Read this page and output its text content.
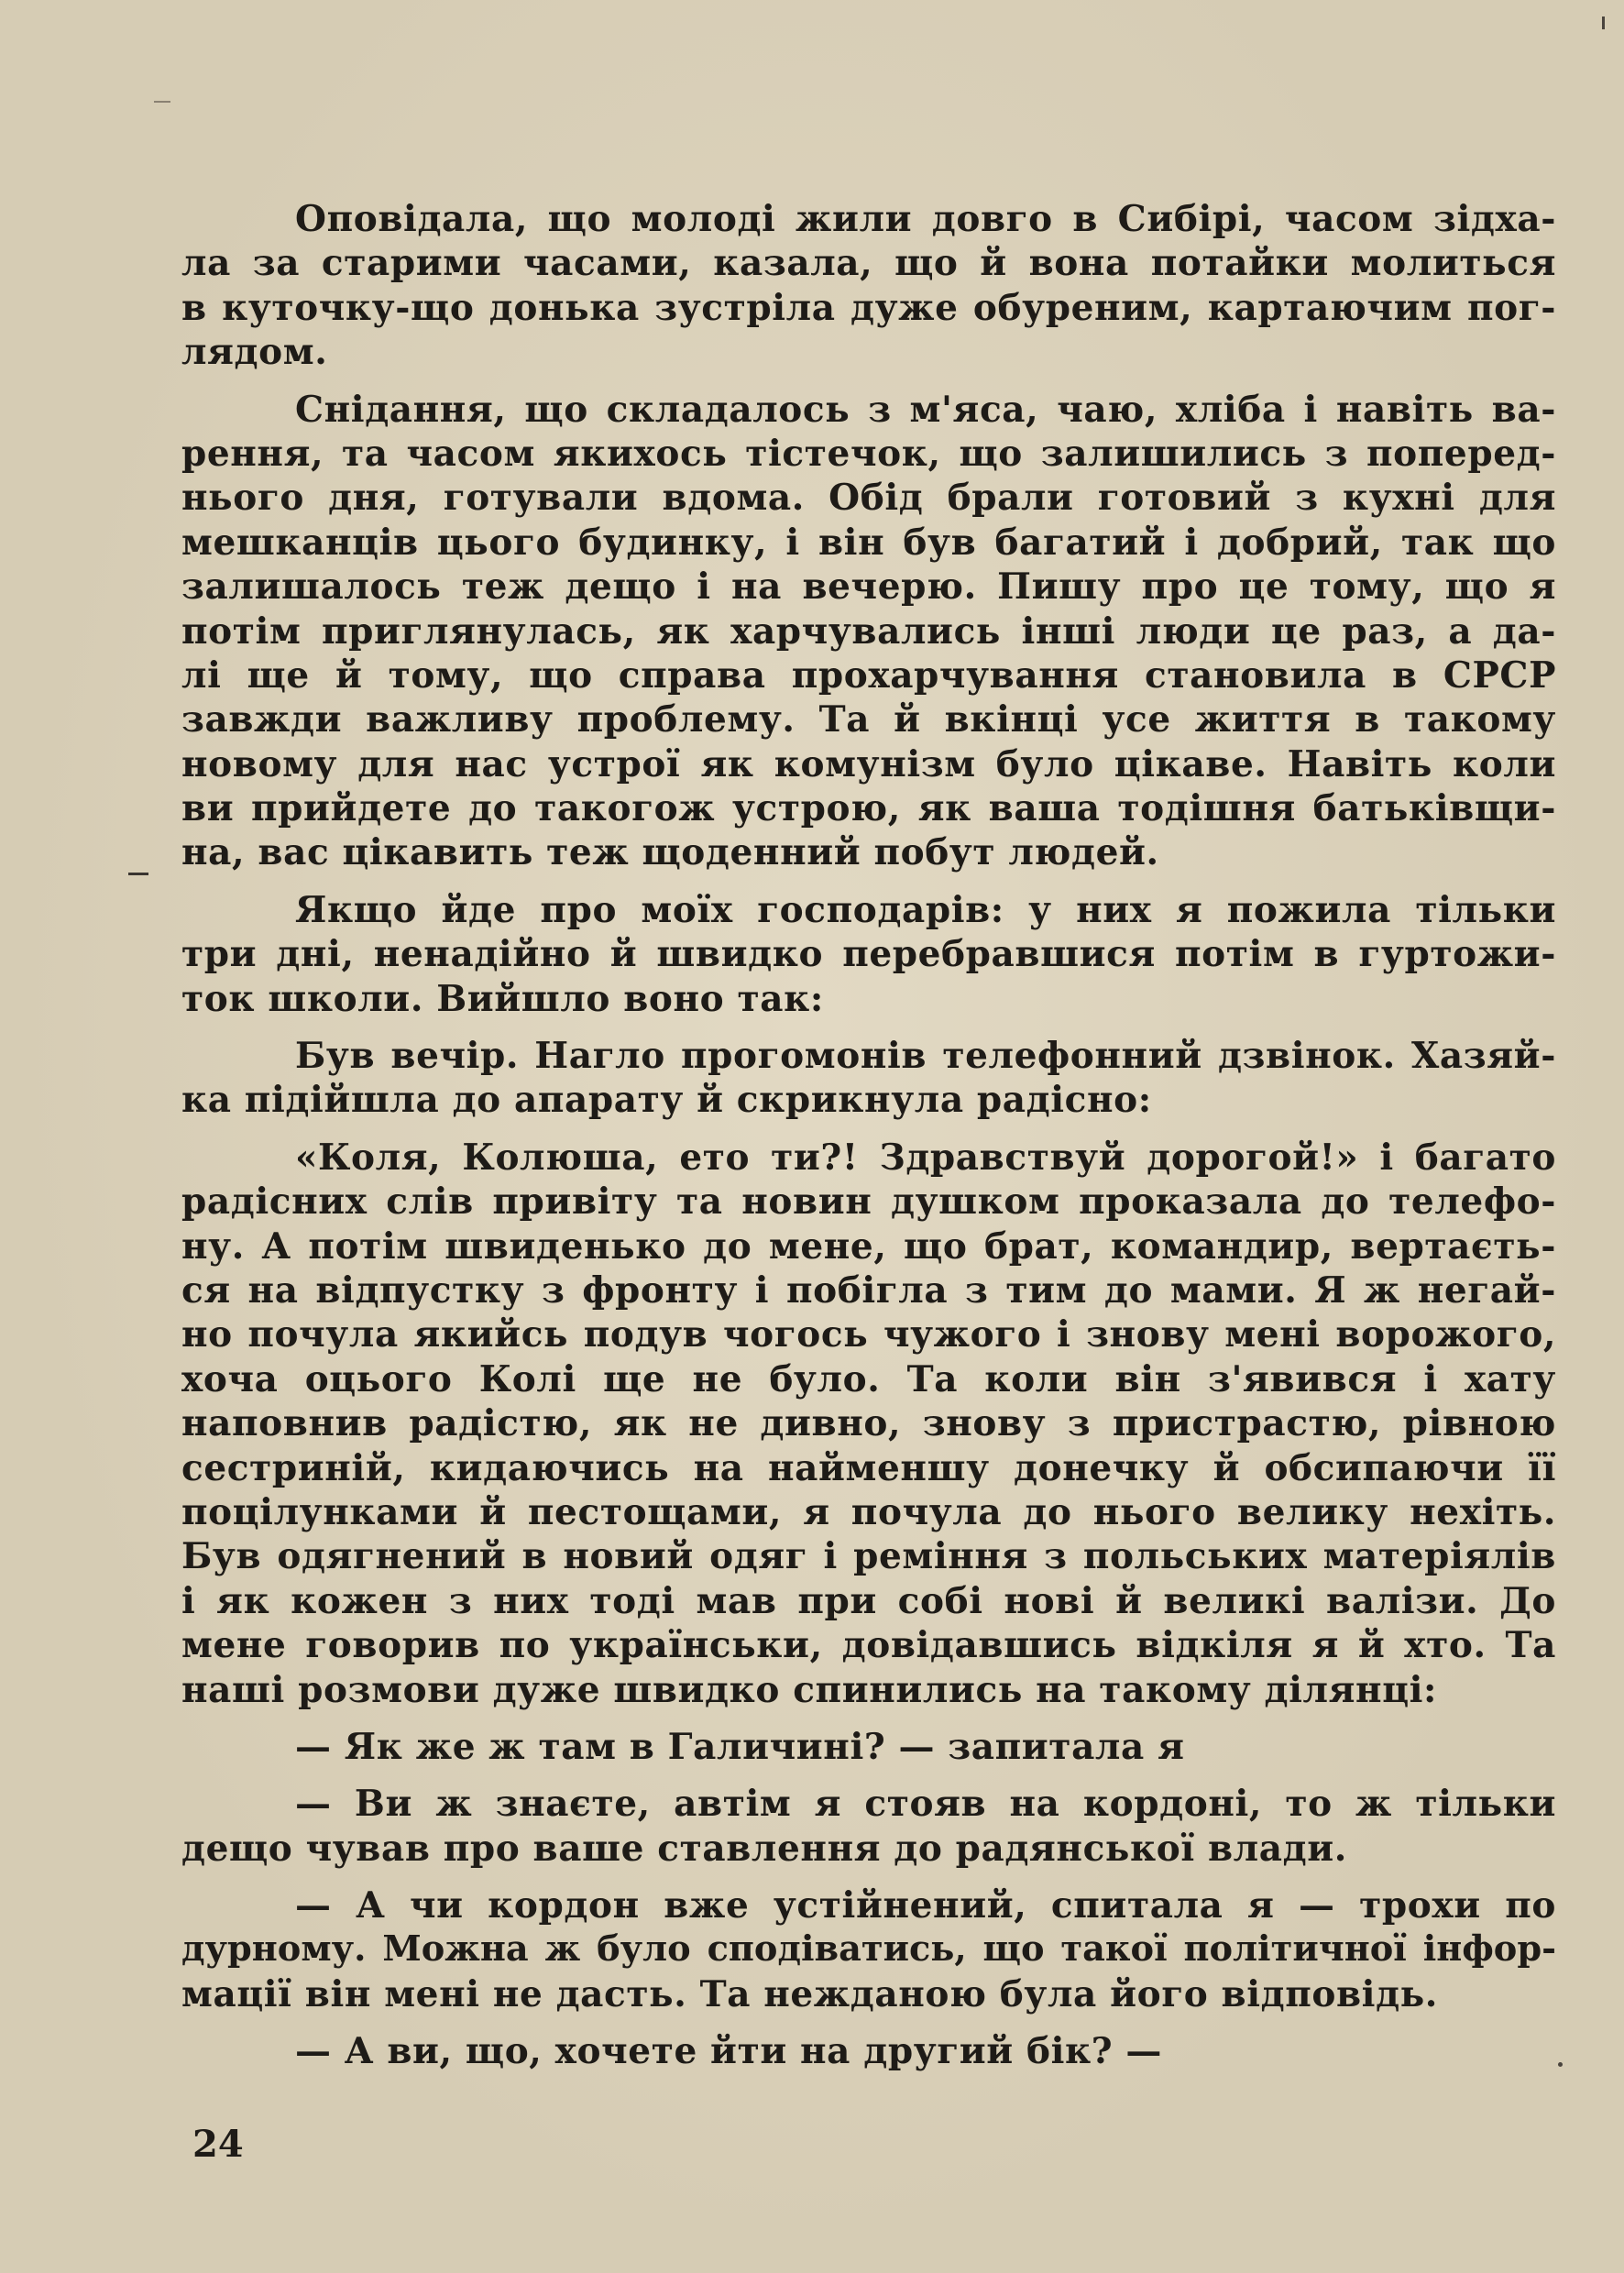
Оповідала, що молоді жили довго в Сибірі, часом зідха-
ла за старими часами, казала, що й вона потайки молиться
в куточку-що донька зустріла дуже обуреним, картаючим пог-
лядом.
Снідання, що складалось з м'яса, чаю, хліба і навіть ва-
рення, та часом якихось тістечок, що залишились з поперед-
нього дня, готували вдома. Обід брали готовий з кухні для
мешканців цього будинку, і він був багатий і добрий, так що
залишалось теж дещо і на вечерю. Пишу про це тому, що я
потім приглянулась, як харчувались інші люди це раз, а да-
лі ще й тому, що справа прохарчування становила в СРСР
завжди важливу проблему. Та й вкінці усе життя в такому
новому для нас устрої як комунізм було цікаве. Навіть коли
ви прийдете до такогож устрою, як ваша тодішня батьківщи-
на, вас цікавить теж щоденний побут людей.
Якщо йде про моїх господарів: у них я пожила тільки
три дні, ненадійно й швидко перебравшися потім в гуртожи-
ток школи. Вийшло воно так:
Був вечір. Нагло прогомонів телефонний дзвінок. Хазяй-
ка підійшла до апарату й скрикнула радісно:
«Коля, Колюша, ето ти?! Здравствуй дорогой!» і багато
радісних слів привіту та новин душком проказала до телефо-
ну. А потім швиденько до мене, що брат, командир, вертаєть-
ся на відпустку з фронту і побігла з тим до мами. Я ж негай-
но почула якийсь подув чогось чужого і знову мені ворожого,
хоча оцього Колі ще не було. Та коли він з'явився і хату
наповнив радістю, як не дивно, знову з пристрастю, рівною
сестриній, кидаючись на найменшу донечку й обсипаючи її
поцілунками й пестощами, я почула до нього велику нехіть.
Був одягнений в новий одяг і реміння з польських матеріялів
і як кожен з них тоді мав при собі нові й великі валізи. До
мене говорив по українськи, довідавшись відкіля я й хто. Та
наші розмови дуже швидко спинились на такому ділянці:
— Як же ж там в Галичині? — запитала я
— Ви ж знаєте, автім я стояв на кордоні, то ж тільки
дещо чував про ваше ставлення до радянської влади.
— А чи кордон вже устійнений, спитала я — трохи по
дурному. Можна ж було сподіватись, що такої політичної інфор-
мації він мені не дасть. Та нежданою була його відповідь.
— А ви, що, хочете йти на другий бік? —
24
